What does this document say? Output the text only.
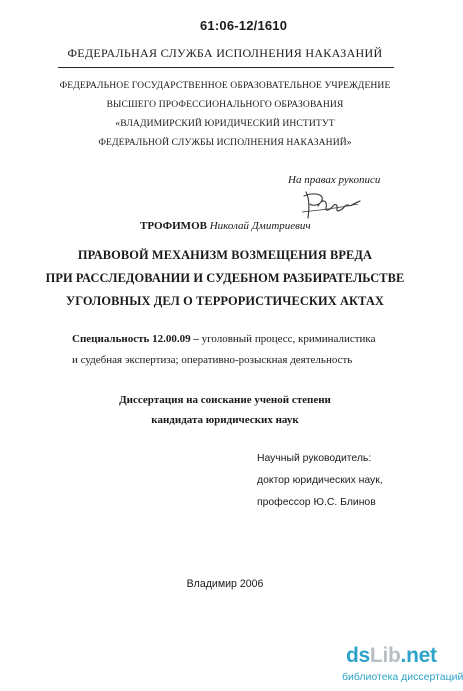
61:06-12/1610
ФЕДЕРАЛЬНАЯ СЛУЖБА ИСПОЛНЕНИЯ НАКАЗАНИЙ
ФЕДЕРАЛЬНОЕ ГОСУДАРСТВЕННОЕ ОБРАЗОВАТЕЛЬНОЕ УЧРЕЖДЕНИЕ
ВЫСШЕГО ПРОФЕССИОНАЛЬНОГО ОБРАЗОВАНИЯ
«ВЛАДИМИРСКИЙ ЮРИДИЧЕСКИЙ ИНСТИТУТ
ФЕДЕРАЛЬНОЙ СЛУЖБЫ ИСПОЛНЕНИЯ НАКАЗАНИЙ»
На правах рукописи
ТРОФИМОВ Николай Дмитриевич
ПРАВОВОЙ МЕХАНИЗМ ВОЗМЕЩЕНИЯ ВРЕДА
ПРИ РАССЛЕДОВАНИИ И СУДЕБНОМ РАЗБИРАТЕЛЬСТВЕ
УГОЛОВНЫХ ДЕЛ О ТЕРРОРИСТИЧЕСКИХ АКТАХ
Специальность 12.00.09 – уголовный процесс, криминалистика
и судебная экспертиза; оперативно-розыскная деятельность
Диссертация на соискание ученой степени
кандидата юридических наук
Научный руководитель:
доктор юридических наук,
профессор Ю.С. Блинов
Владимир 2006
dsLib.net
библиотека диссертаций
